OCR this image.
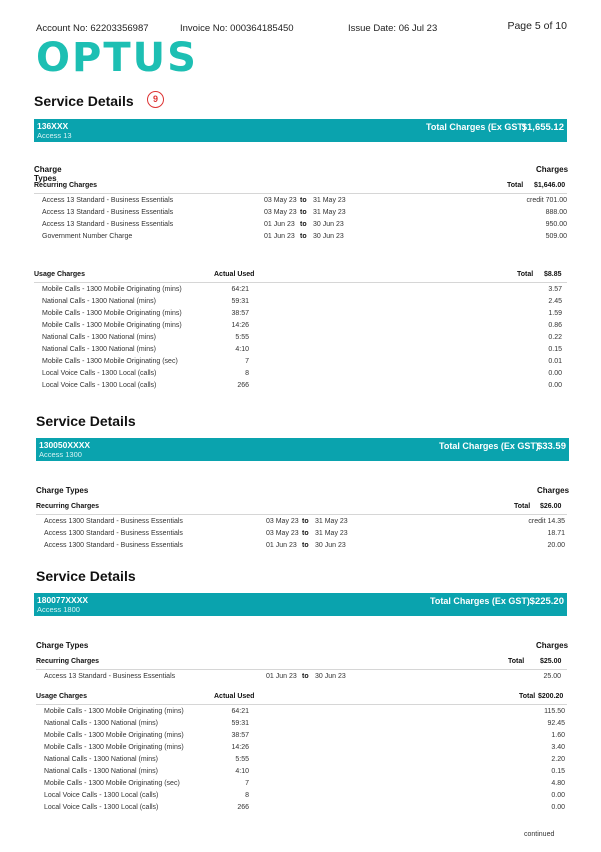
Account No: 62203356987	Invoice No: 000364185450	Issue Date: 06 Jul 23	Page 5 of 10
OPTUS
Service Details	9
136XXX
Access 13
Total Charges (Ex GST)
$1,655.12
Charge Types
Charges
Recurring Charges	Total $1,646.00
Access 13 Standard - Business Essentials	03 May 23 to 31 May 23	credit 701.00
Access 13 Standard - Business Essentials	03 May 23 to 31 May 23	888.00
Access 13 Standard - Business Essentials	01 Jun 23 to 30 Jun 23	950.00
Government Number Charge	01 Jun 23 to 30 Jun 23	509.00
Usage Charges	Actual Used	Total $8.85
Mobile Calls - 1300 Mobile Originating (mins)	64:21	3.57
National Calls - 1300 National (mins)	59:31	2.45
Mobile Calls - 1300 Mobile Originating (mins)	38:57	1.59
Mobile Calls - 1300 Mobile Originating (mins)	14:26	0.86
National Calls - 1300 National (mins)	5:55	0.22
National Calls - 1300 National (mins)	4:10	0.15
Mobile Calls - 1300 Mobile Originating (sec)	7	0.01
Local Voice Calls - 1300 Local (calls)	8	0.00
Local Voice Calls - 1300 Local (calls)	266	0.00
Service Details
130050XXXX
Access 1300
Total Charges (Ex GST)
$33.59
Charge Types	Charges
Recurring Charges	Total $26.00
Access 1300 Standard - Business Essentials	03 May 23 to 31 May 23	credit 14.35
Access 1300 Standard - Business Essentials	03 May 23 to 31 May 23	18.71
Access 1300 Standard - Business Essentials	01 Jun 23 to 30 Jun 23	20.00
Service Details
180077XXXX
Access 1800
Total Charges (Ex GST) $225.20
Charge Types	Charges
Recurring Charges	Total $25.00
Access 13 Standard - Business Essentials	01 Jun 23 to 30 Jun 23	25.00
Usage Charges	Actual Used	Total $200.20
Mobile Calls - 1300 Mobile Originating (mins)	64:21	115.50
National Calls - 1300 National (mins)	59:31	92.45
Mobile Calls - 1300 Mobile Originating (mins)	38:57	1.60
Mobile Calls - 1300 Mobile Originating (mins)	14:26	3.40
National Calls - 1300 National (mins)	5:55	2.20
National Calls - 1300 National (mins)	4:10	0.15
Mobile Calls - 1300 Mobile Originating (sec)	7	4.80
Local Voice Calls - 1300 Local (calls)	8	0.00
Local Voice Calls - 1300 Local (calls)	266	0.00
continued
